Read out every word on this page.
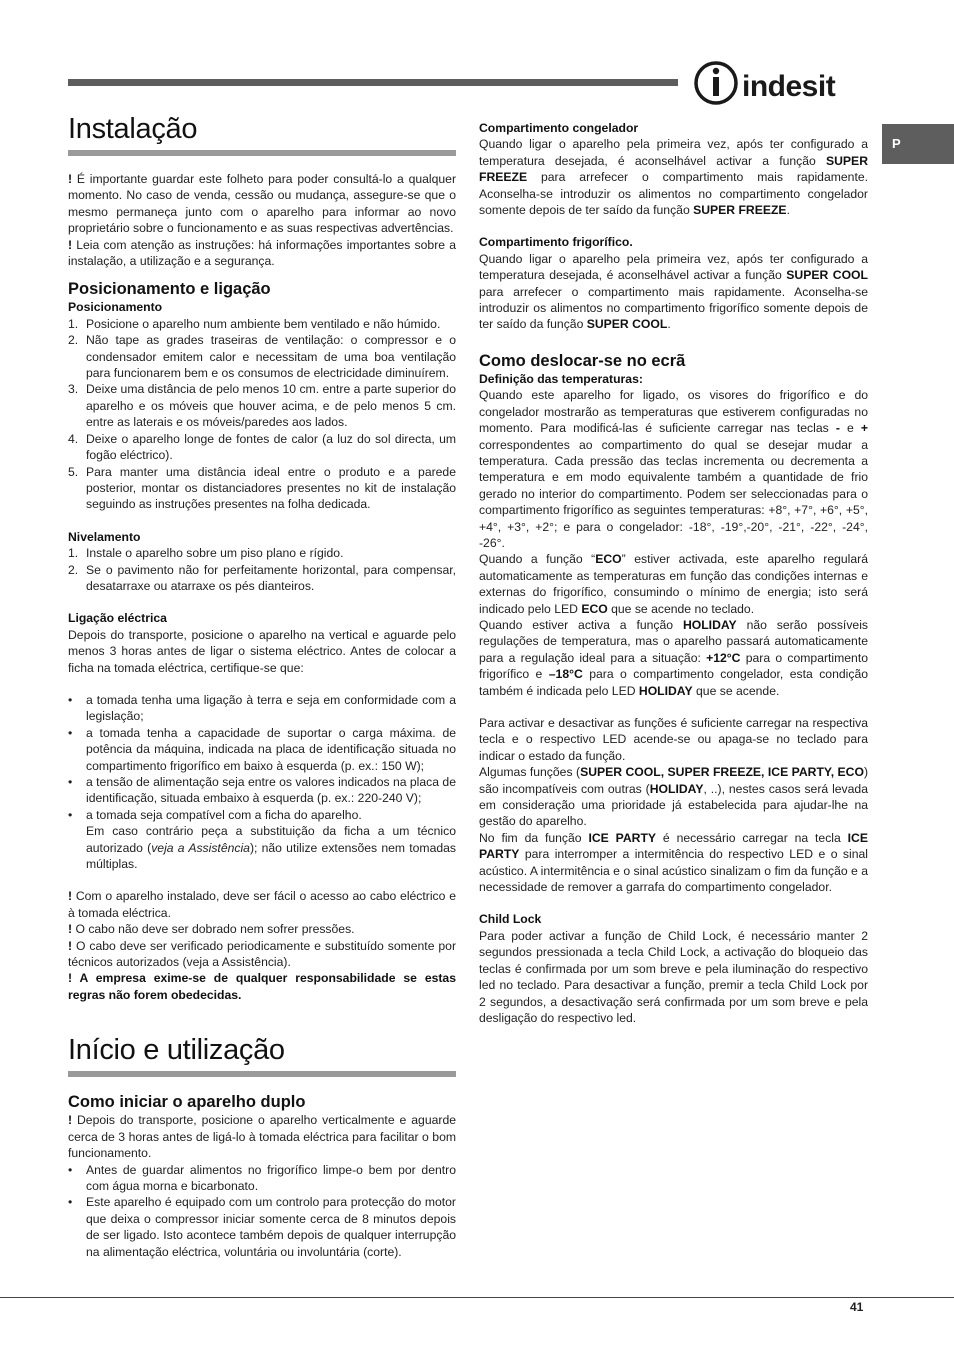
indesit
P
Instalação

! É importante guardar este folheto para poder consultá-lo a qualquer momento. No caso de venda, cessão ou mudança, assegure-se que o mesmo permaneça junto com o aparelho para informar ao novo proprietário sobre o funcionamento e as suas respectivas advertências.

! Leia com atenção as instruções: há informações importantes sobre a instalação, a utilização e a segurança.

Posicionamento e ligação
Posicionamento
1. Posicione o aparelho num ambiente bem ventilado e não húmido.
2. Não tape as grades traseiras de ventilação: o compressor e o condensador emitem calor e necessitam de uma boa ventilação para funcionarem bem e os consumos de electricidade diminuírem.
3. Deixe uma distância de pelo menos 10 cm. entre a parte superior do aparelho e os móveis que houver acima, e de pelo menos 5 cm. entre as laterais e os móveis/paredes aos lados.
4. Deixe o aparelho longe de fontes de calor (a luz do sol directa, um fogão eléctrico).
5. Para manter uma distância ideal entre o produto e a parede posterior, montar os distanciadores presentes no kit de instalação seguindo as instruções presentes na folha dedicada.
Nivelamento
1. Instale o aparelho sobre um piso plano e rígido.
2. Se o pavimento não for perfeitamente horizontal, para compensar, desatarraxe ou atarraxe os pés dianteiros.
Ligação eléctrica

Depois do transporte, posicione o aparelho na vertical e aguarde pelo menos 3 horas antes de ligar o sistema eléctrico. Antes de colocar a ficha na tomada eléctrica, certifique-se que:

• a tomada tenha uma ligação à terra e seja em conformidade com a legislação;
• a tomada tenha a capacidade de suportar o carga máxima. de potência da máquina, indicada na placa de identificação situada no compartimento frigorífico em baixo à esquerda (p. ex.: 150 W);
• a tensão de alimentação seja entre os valores indicados na placa de identificação, situada embaixo à esquerda (p. ex.: 220-240 V);
• a tomada seja compatível com a ficha do aparelho.

Em caso contrário peça a substituição da ficha a um técnico autorizado (veja a Assistência); não utilize extensões nem tomadas múltiplas.

! Com o aparelho instalado, deve ser fácil o acesso ao cabo eléctrico e à tomada eléctrica.

! O cabo não deve ser dobrado nem sofrer pressões.

! O cabo deve ser verificado periodicamente e substituído somente por técnicos autorizados (veja a Assistência).

! A empresa exime-se de qualquer responsabilidade se estas regras não forem obedecidas.

Início e utilização
Como iniciar o aparelho duplo

! Depois do transporte, posicione o aparelho verticalmente e aguarde cerca de 3 horas antes de ligá-lo à tomada eléctrica para facilitar o bom funcionamento.

• Antes de guardar alimentos no frigorífico limpe-o bem por dentro com água morna e bicarbonato.
• Este aparelho é equipado com um controlo para protecção do motor que deixa o compressor iniciar somente cerca de 8 minutos depois de ser ligado. Isto acontece também depois de qualquer interrupção na alimentação eléctrica, voluntária ou involuntária (corte).
Compartimento congelador

Quando ligar o aparelho pela primeira vez, após ter configurado a temperatura desejada, é aconselhável activar a função SUPER FREEZE para arrefecer o compartimento mais rapidamente. Aconselha-se introduzir os alimentos no compartimento congelador somente depois de ter saído da função SUPER FREEZE.

Compartimento frigorífico.

Quando ligar o aparelho pela primeira vez, após ter configurado a temperatura desejada, é aconselhável activar a função SUPER COOL para arrefecer o compartimento mais rapidamente. Aconselha-se introduzir os alimentos no compartimento frigorífico somente depois de ter saído da função SUPER COOL.

Como deslocar-se no ecrã
Definição das temperaturas:

Quando este aparelho for ligado, os visores do frigorífico e do congelador mostrarão as temperaturas que estiverem configuradas no momento. Para modificá-las é suficiente carregar nas teclas - e + correspondentes ao compartimento do qual se desejar mudar a temperatura. Cada pressão das teclas incrementa ou decrementa a temperatura e em modo equivalente também a quantidade de frio gerado no interior do compartimento. Podem ser seleccionadas para o compartimento frigorífico as seguintes temperaturas: +8°, +7°, +6°, +5°, +4°, +3°, +2°; e para o congelador: -18°, -19°,-20°, -21°, -22°, -24°, -26°.

Quando a função “ECO” estiver activada, este aparelho regulará automaticamente as temperaturas em função das condições internas e externas do frigorífico, consumindo o mínimo de energia; isto será indicado pelo LED ECO que se acende no teclado.

Quando estiver activa a função HOLIDAY não serão possíveis regulações de temperatura, mas o aparelho passará automaticamente para a regulação ideal para a situação: +12°C para o compartimento frigorífico e –18°C para o compartimento congelador, esta condição também é indicada pelo LED HOLIDAY que se acende.

Para activar e desactivar as funções é suficiente carregar na respectiva tecla e o respectivo LED acende-se ou apaga-se no teclado para indicar o estado da função.

Algumas funções (SUPER COOL, SUPER FREEZE, ICE PARTY, ECO) são incompatíveis com outras (HOLIDAY, ..), nestes casos será levada em consideração uma prioridade já estabelecida para ajudar-lhe na gestão do aparelho.

No fim da função ICE PARTY é necessário carregar na tecla ICE PARTY para interromper a intermitência do respectivo LED e o sinal acústico. A intermitência e o sinal acústico sinalizam o fim da função e a necessidade de remover a garrafa do compartimento congelador.

Child Lock

Para poder activar a função de Child Lock, é necessário manter 2 segundos pressionada a tecla Child Lock, a activação do bloqueio das teclas é confirmada por um som breve e pela iluminação do respectivo led no teclado. Para desactivar a função, premir a tecla Child Lock por 2 segundos, a desactivação será confirmada por um som breve e pela desligação do respectivo led.

41
